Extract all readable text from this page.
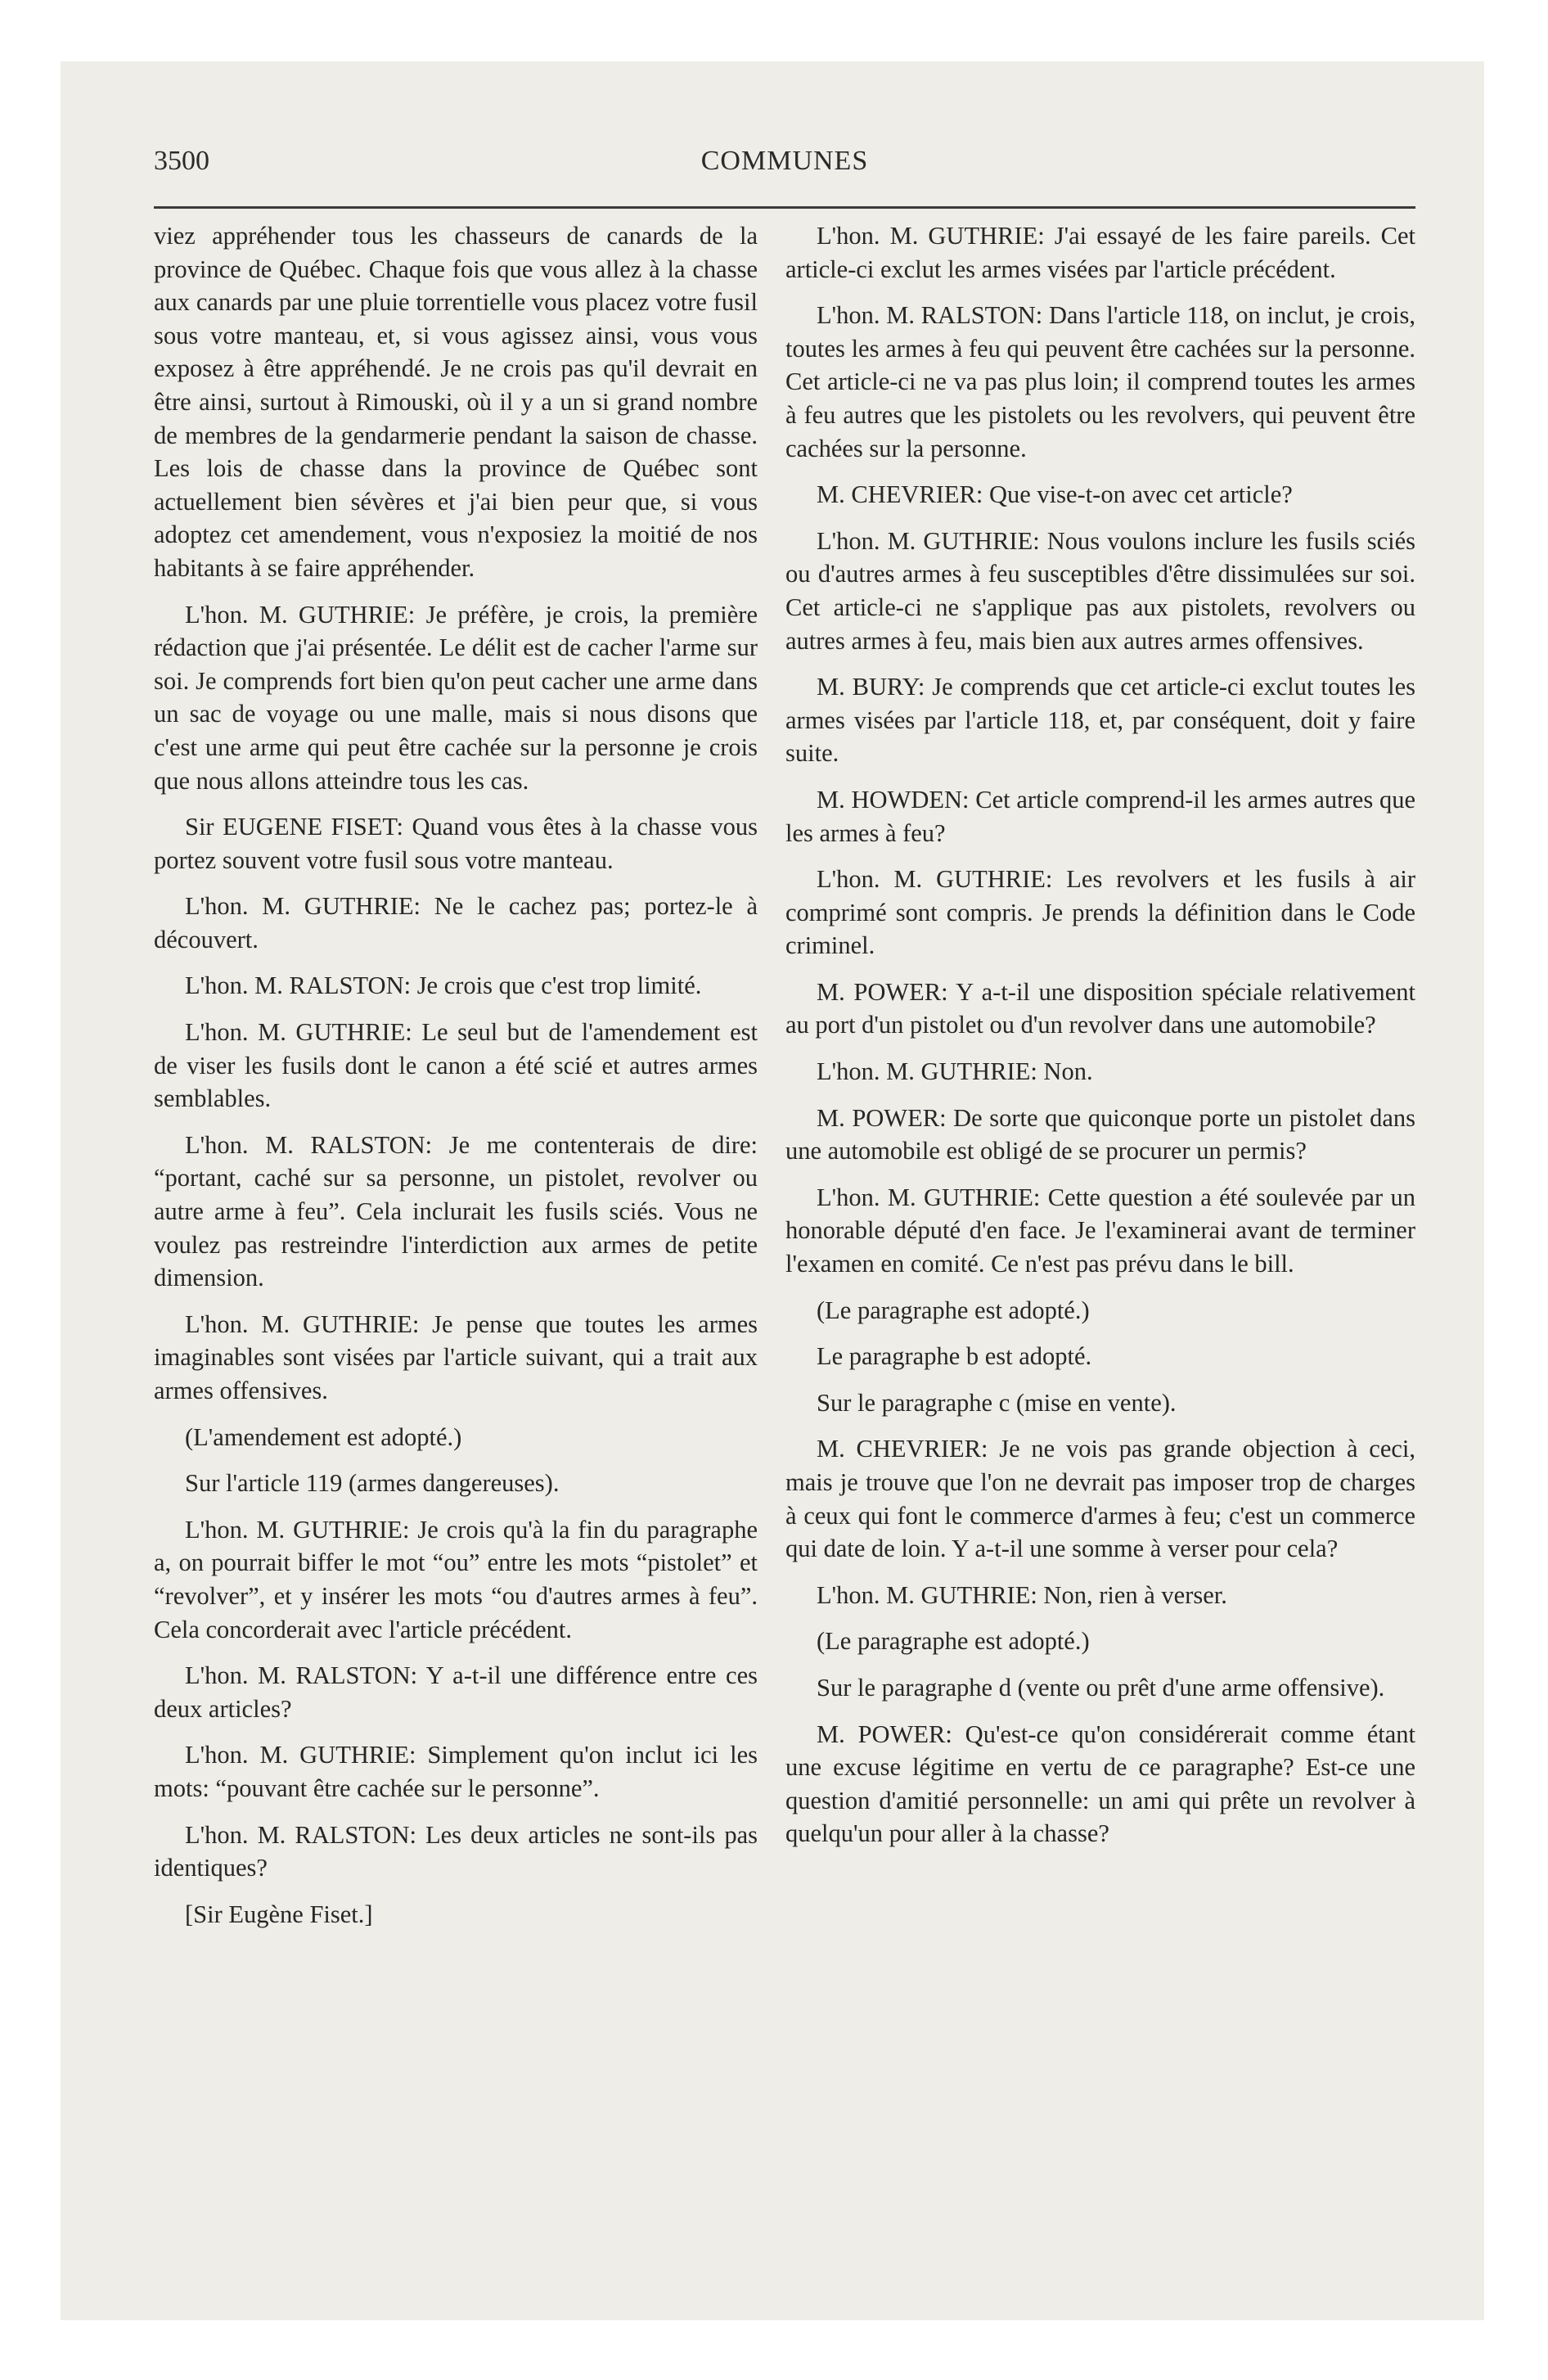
3500	COMMUNES

viez appréhender tous les chasseurs de canards de la province de Québec. Chaque fois que vous allez à la chasse aux canards par une pluie torrentielle vous placez votre fusil sous votre manteau, et, si vous agissez ainsi, vous vous exposez à être appréhendé. Je ne crois pas qu'il devrait en être ainsi, surtout à Rimouski, où il y a un si grand nombre de membres de la gendarmerie pendant la saison de chasse. Les lois de chasse dans la province de Québec sont actuellement bien sévères et j'ai bien peur que, si vous adoptez cet amendement, vous n'exposiez la moitié de nos habitants à se faire appréhender.

L'hon. M. GUTHRIE: Je préfère, je crois, la première rédaction que j'ai présentée. Le délit est de cacher l'arme sur soi. Je comprends fort bien qu'on peut cacher une arme dans un sac de voyage ou une malle, mais si nous disons que c'est une arme qui peut être cachée sur la personne je crois que nous allons atteindre tous les cas.

Sir EUGENE FISET: Quand vous êtes à la chasse vous portez souvent votre fusil sous votre manteau.

L'hon. M. GUTHRIE: Ne le cachez pas; portez-le à découvert.

L'hon. M. RALSTON: Je crois que c'est trop limité.

L'hon. M. GUTHRIE: Le seul but de l'amendement est de viser les fusils dont le canon a été scié et autres armes semblables.

L'hon. M. RALSTON: Je me contenterais de dire: “portant, caché sur sa personne, un pistolet, revolver ou autre arme à feu”. Cela inclurait les fusils sciés. Vous ne voulez pas restreindre l'interdiction aux armes de petite dimension.

L'hon. M. GUTHRIE: Je pense que toutes les armes imaginables sont visées par l'article suivant, qui a trait aux armes offensives.

(L'amendement est adopté.)

Sur l'article 119 (armes dangereuses).

L'hon. M. GUTHRIE: Je crois qu'à la fin du paragraphe a, on pourrait biffer le mot “ou” entre les mots “pistolet” et “revolver”, et y insérer les mots “ou d'autres armes à feu”. Cela concorderait avec l'article précédent.

L'hon. M. RALSTON: Y a-t-il une différence entre ces deux articles?

L'hon. M. GUTHRIE: Simplement qu'on inclut ici les mots: “pouvant être cachée sur le personne”.

L'hon. M. RALSTON: Les deux articles ne sont-ils pas identiques?

[Sir Eugène Fiset.]

L'hon. M. GUTHRIE: J'ai essayé de les faire pareils. Cet article-ci exclut les armes visées par l'article précédent.

L'hon. M. RALSTON: Dans l'article 118, on inclut, je crois, toutes les armes à feu qui peuvent être cachées sur la personne. Cet article-ci ne va pas plus loin; il comprend toutes les armes à feu autres que les pistolets ou les revolvers, qui peuvent être cachées sur la personne.

M. CHEVRIER: Que vise-t-on avec cet article?

L'hon. M. GUTHRIE: Nous voulons inclure les fusils sciés ou d'autres armes à feu susceptibles d'être dissimulées sur soi. Cet article-ci ne s'applique pas aux pistolets, revolvers ou autres armes à feu, mais bien aux autres armes offensives.

M. BURY: Je comprends que cet article-ci exclut toutes les armes visées par l'article 118, et, par conséquent, doit y faire suite.

M. HOWDEN: Cet article comprend-il les armes autres que les armes à feu?

L'hon. M. GUTHRIE: Les revolvers et les fusils à air comprimé sont compris. Je prends la définition dans le Code criminel.

M. POWER: Y a-t-il une disposition spéciale relativement au port d'un pistolet ou d'un revolver dans une automobile?

L'hon. M. GUTHRIE: Non.

M. POWER: De sorte que quiconque porte un pistolet dans une automobile est obligé de se procurer un permis?

L'hon. M. GUTHRIE: Cette question a été soulevée par un honorable député d'en face. Je l'examinerai avant de terminer l'examen en comité. Ce n'est pas prévu dans le bill.

(Le paragraphe est adopté.)

Le paragraphe b est adopté.

Sur le paragraphe c (mise en vente).

M. CHEVRIER: Je ne vois pas grande objection à ceci, mais je trouve que l'on ne devrait pas imposer trop de charges à ceux qui font le commerce d'armes à feu; c'est un commerce qui date de loin. Y a-t-il une somme à verser pour cela?

L'hon. M. GUTHRIE: Non, rien à verser.

(Le paragraphe est adopté.)

Sur le paragraphe d (vente ou prêt d'une arme offensive).

M. POWER: Qu'est-ce qu'on considérerait comme étant une excuse légitime en vertu de ce paragraphe? Est-ce une question d'amitié personnelle: un ami qui prête un revolver à quelqu'un pour aller à la chasse?
